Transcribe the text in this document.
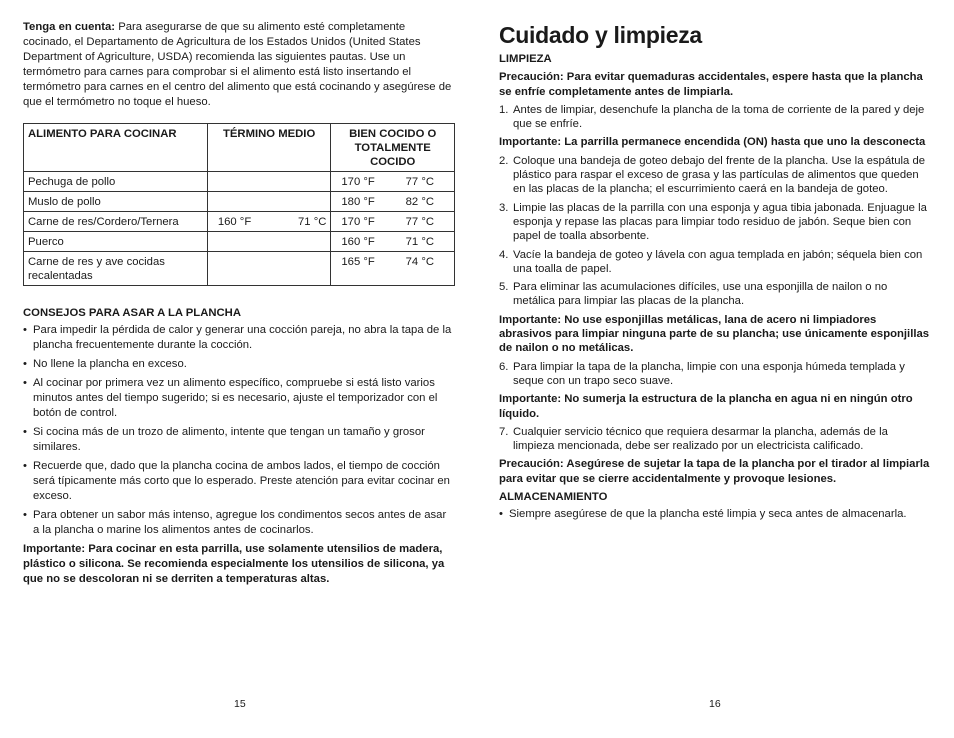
Tenga en cuenta: Para asegurarse de que su alimento esté completamente cocinado, el Departamento de Agricultura de los Estados Unidos (United States Department of Agriculture, USDA) recomienda las siguientes pautas. Use un termómetro para carnes para comprobar si el alimento está listo insertando el termómetro para carnes en el centro del alimento que está cocinando y asegúrese de que el termómetro no toque el hueso.

ALIMENTO PARA COCINAR	TÉRMINO MEDIO	BIEN COCIDO O TOTALMENTE COCIDO
Pechuga de pollo		170 °F 77 °C

Muslo de pollo		180 °F 82 °C

Carne de res/Cordero/Ternera	160 °F 71 °C	170 °F 77 °C

Puerco		160 °F 71 °C

Carne de res y ave cocidas recalentadas		165 °F 74 °C
CONSEJOS PARA ASAR A LA PLANCHA
• Para impedir la pérdida de calor y generar una cocción pareja, no abra la tapa de la plancha frecuentemente durante la cocción.
• No llene la plancha en exceso.
• Al cocinar por primera vez un alimento específico, compruebe si está listo varios minutos antes del tiempo sugerido; si es necesario, ajuste el temporizador con el botón de control.
• Si cocina más de un trozo de alimento, intente que tengan un tamaño y grosor similares.
• Recuerde que, dado que la plancha cocina de ambos lados, el tiempo de cocción será típicamente más corto que lo esperado. Preste atención para evitar cocinar en exceso.
• Para obtener un sabor más intenso, agregue los condimentos secos antes de asar a la plancha o marine los alimentos antes de cocinarlos.

Importante: Para cocinar en esta parrilla, use solamente utensilios de madera, plástico o silicona. Se recomienda especialmente los utensilios de silicona, ya que no se descoloran ni se derriten a temperaturas altas.

15
Cuidado y limpieza

LIMPIEZA

Precaución: Para evitar quemaduras accidentales, espere hasta que la plancha se enfríe completamente antes de limpiarla.

1. Antes de limpiar, desenchufe la plancha de la toma de corriente de la pared y deje que se enfríe.

Importante: La parrilla permanece encendida (ON) hasta que uno la desconecta

2. Coloque una bandeja de goteo debajo del frente de la plancha. Use la espátula de plástico para raspar el exceso de grasa y las partículas de alimentos que queden en las placas de la plancha; el escurrimiento caerá en la bandeja de goteo.
3. Limpie las placas de la parrilla con una esponja y agua tibia jabonada. Enjuague la esponja y repase las placas para limpiar todo residuo de jabón. Seque bien con papel de toalla absorbente.
4. Vacíe la bandeja de goteo y lávela con agua templada en jabón; séquela bien con una toalla de papel.
5. Para eliminar las acumulaciones difíciles, use una esponjilla de nailon o no metálica para limpiar las placas de la plancha.

Importante: No use esponjillas metálicas, lana de acero ni limpiadores abrasivos para limpiar ninguna parte de su plancha; use únicamente esponjillas de nailon o no metálicas.

6. Para limpiar la tapa de la plancha, limpie con una esponja húmeda templada y seque con un trapo seco suave.

Importante: No sumerja la estructura de la plancha en agua ni en ningún otro líquido.

7. Cualquier servicio técnico que requiera desarmar la plancha, además de la limpieza mencionada, debe ser realizado por un electricista calificado.

Precaución: Asegúrese de sujetar la tapa de la plancha por el tirador al limpiarla para evitar que se cierre accidentalmente y provoque lesiones.

ALMACENAMIENTO

• Siempre asegúrese de que la plancha esté limpia y seca antes de almacenarla.
16
